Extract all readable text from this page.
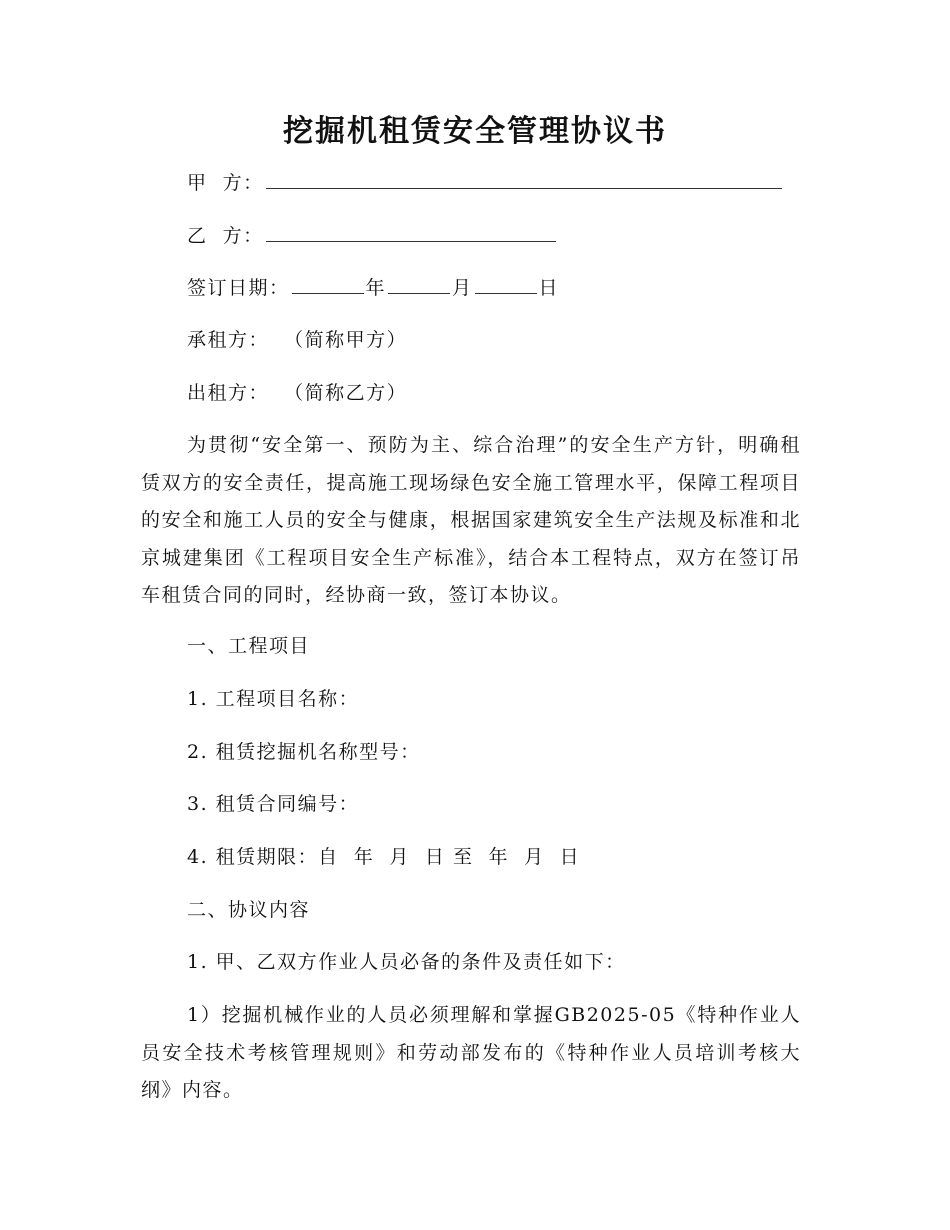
挖掘机租赁安全管理协议书
甲  方：
乙  方：
签订日期：	年	月	日
承租方： （简称甲方）
出租方： （简称乙方）
为贯彻“安全第一、预防为主、综合治理”的安全生产方针，明确租赁双方的安全责任，提高施工现场绿色安全施工管理水平，保障工程项目的安全和施工人员的安全与健康，根据国家建筑安全生产法规及标准和北京城建集团《工程项目安全生产标准》，结合本工程特点，双方在签订吊车租赁合同的同时，经协商一致，签订本协议。
一、工程项目
1. 工程项目名称：
2. 租赁挖掘机名称型号：
3. 租赁合同编号：
4. 租赁期限：自  年  月  日 至  年  月  日
二、协议内容
1. 甲、乙双方作业人员必备的条件及责任如下：
1）挖掘机械作业的人员必须理解和掌握GB2025-05《特种作业人员安全技术考核管理规则》和劳动部发布的《特种作业人员培训考核大纲》内容。
